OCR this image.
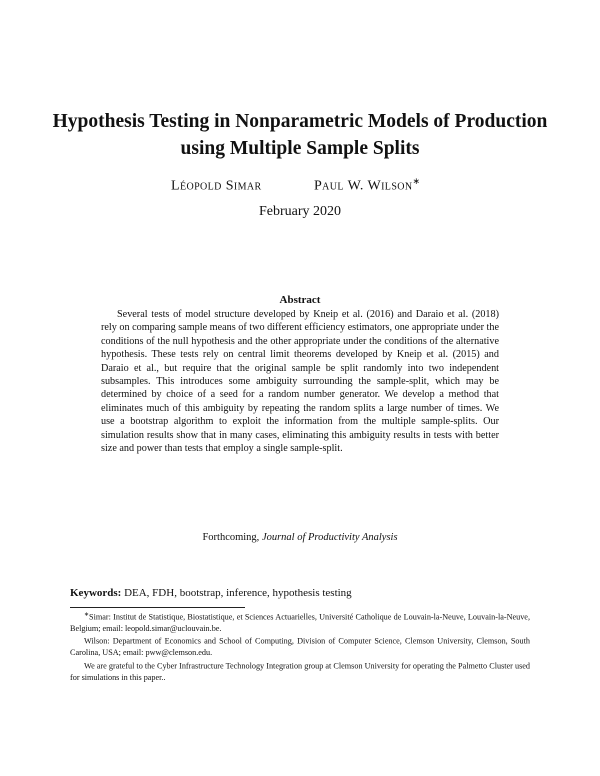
Hypothesis Testing in Nonparametric Models of Production using Multiple Sample Splits
Léopold Simar	Paul W. Wilson∗
February 2020
Abstract
Several tests of model structure developed by Kneip et al. (2016) and Daraio et al. (2018) rely on comparing sample means of two different efficiency estimators, one appropriate under the conditions of the null hypothesis and the other appropriate under the conditions of the alternative hypothesis. These tests rely on central limit theorems developed by Kneip et al. (2015) and Daraio et al., but require that the original sample be split randomly into two independent subsamples. This introduces some ambiguity surrounding the sample-split, which may be determined by choice of a seed for a random number generator. We develop a method that eliminates much of this ambiguity by repeating the random splits a large number of times. We use a bootstrap algorithm to exploit the information from the multiple sample-splits. Our simulation results show that in many cases, eliminating this ambiguity results in tests with better size and power than tests that employ a single sample-split.
Forthcoming, Journal of Productivity Analysis
Keywords: DEA, FDH, bootstrap, inference, hypothesis testing

∗Simar: Institut de Statistique, Biostatistique, et Sciences Actuarielles, Université Catholique de Louvain-la-Neuve, Louvain-la-Neuve, Belgium; email: leopold.simar@uclouvain.be.

Wilson: Department of Economics and School of Computing, Division of Computer Science, Clemson University, Clemson, South Carolina, USA; email: pww@clemson.edu.

We are grateful to the Cyber Infrastructure Technology Integration group at Clemson University for operating the Palmetto Cluster used for simulations in this paper..
